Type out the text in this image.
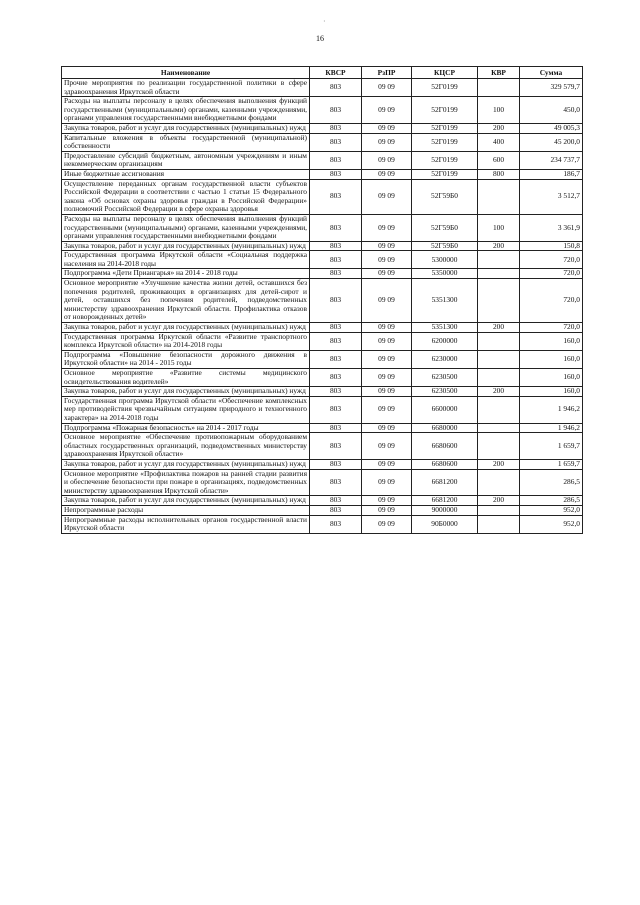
16
·
Наименование	КВСР	РзПР	КЦСР	КВР	Сумма
Прочие мероприятия по реализации государственной политики в сфере здравоохранения Иркутской области	803	09 09	52Г0199		329 579,7
Расходы на выплаты персоналу в целях обеспечения выполнения функций государственными (муниципальными) органами, казенными учреждениями, органами управления государственными внебюджетными фондами	803	09 09	52Г0199	100	450,0
Закупка товаров, работ и услуг для государственных (муниципальных) нужд	803	09 09	52Г0199	200	49 005,3
Капитальные вложения в объекты государственной (муниципальной) собственности	803	09 09	52Г0199	400	45 200,0
Предоставление субсидий бюджетным, автономным учреждениям и иным некоммерческим организациям	803	09 09	52Г0199	600	234 737,7
Иные бюджетные ассигнования	803	09 09	52Г0199	800	186,7
Осуществление переданных органам государственной власти субъектов Российской Федерации в соответствии с частью 1 статьи 15 Федерального закона «Об основах охраны здоровья граждан в Российской Федерации» полномочий Российской Федерации в сфере охраны здоровья	803	09 09	52Г59Б0		3 512,7
Расходы на выплаты персоналу в целях обеспечения выполнения функций государственными (муниципальными) органами, казенными учреждениями, органами управления государственными внебюджетными фондами	803	09 09	52Г59Б0	100	3 361,9
Закупка товаров, работ и услуг для государственных (муниципальных) нужд	803	09 09	52Г59Б0	200	150,8
Государственная программа Иркутской области «Социальная поддержка населения на 2014-2018 годы	803	09 09	5300000		720,0
Подпрограмма «Дети Приангарья» на 2014 - 2018 годы	803	09 09	5350000		720,0
Основное мероприятие «Улучшение качества жизни детей, оставшихся без попечения родителей, проживающих в организациях для детей-сирот и детей, оставшихся без попечения родителей, подведомственных министерству здравоохранения Иркутской области. Профилактика отказов от новорожденных детей»	803	09 09	5351300		720,0
Закупка товаров, работ и услуг для государственных (муниципальных) нужд	803	09 09	5351300	200	720,0
Государственная программа Иркутской области «Развитие транспортного комплекса Иркутской области» на 2014-2018 годы	803	09 09	6200000		160,0
Подпрограмма «Повышение безопасности дорожного движения в Иркутской области» на 2014 - 2015 годы	803	09 09	6230000		160,0
Основное мероприятие «Развитие системы медицинского освидетельствования водителей»	803	09 09	6230500		160,0
Закупка товаров, работ и услуг для государственных (муниципальных) нужд	803	09 09	6230500	200	160,0
Государственная программа Иркутской области «Обеспечение комплексных мер противодействия чрезвычайным ситуациям природного и техногенного характера» на 2014-2018 годы	803	09 09	6600000		1 946,2
Подпрограмма «Пожарная безопасность» на 2014 - 2017 годы	803	09 09	6680000		1 946,2
Основное мероприятие «Обеспечение противопожарным оборудованием областных государственных организаций, подведомственных министерству здравоохранения Иркутской области»	803	09 09	6680600		1 659,7
Закупка товаров, работ и услуг для государственных (муниципальных) нужд	803	09 09	6680600	200	1 659,7
Основное мероприятие «Профилактика пожаров на ранней стадии развития и обеспечение безопасности при пожаре в организациях, подведомственных министерству здравоохранения Иркутской области»	803	09 09	6681200		286,5
Закупка товаров, работ и услуг для государственных (муниципальных) нужд	803	09 09	6681200	200	286,5
Непрограммные расходы	803	09 09	9000000		952,0
Непрограммные расходы исполнительных органов государственной власти Иркутской области	803	09 09	90Б0000		952,0
